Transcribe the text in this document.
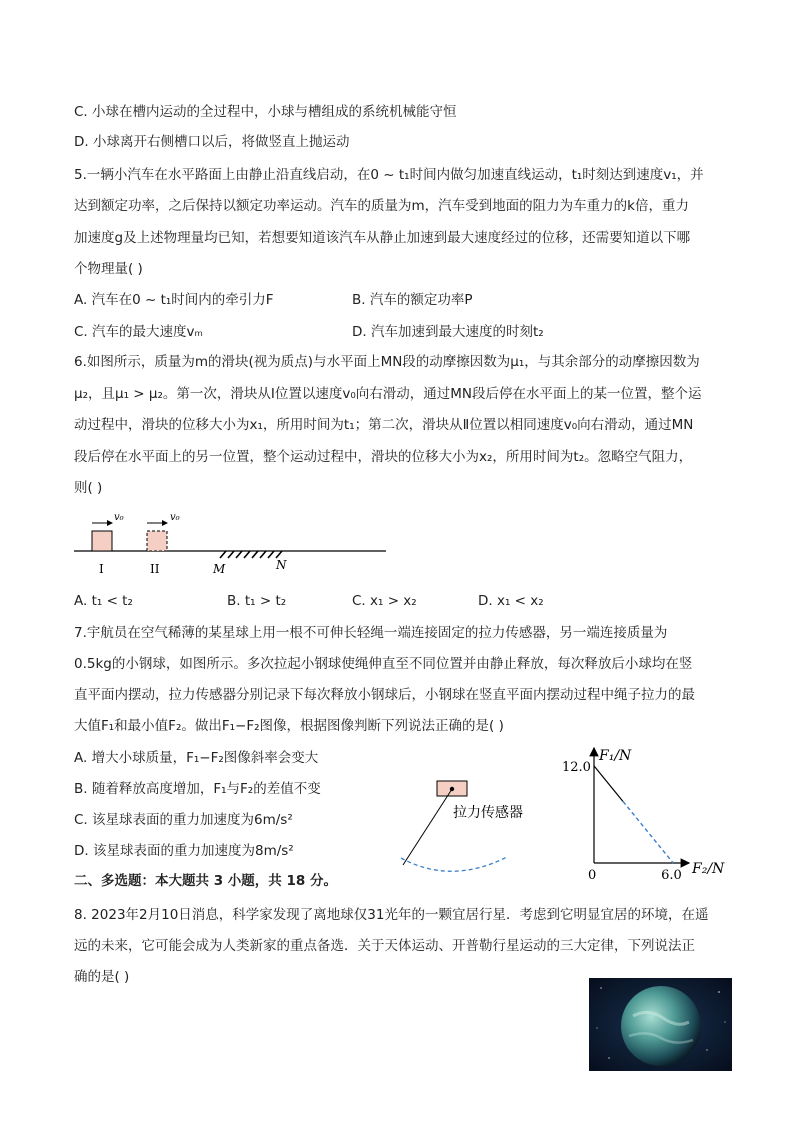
C. 小球在槽内运动的全过程中，小球与槽组成的系统机械能守恒
D. 小球离开右侧槽口以后，将做竖直上抛运动
5.一辆小汽车在水平路面上由静止沿直线启动，在0 ~ t₁时间内做匀加速直线运动，t₁时刻达到速度v₁，并
达到额定功率，之后保持以额定功率运动。汽车的质量为m，汽车受到地面的阻力为车重力的k倍，重力
加速度g及上述物理量均已知，若想要知道该汽车从静止加速到最大速度经过的位移，还需要知道以下哪
个物理量( )
A. 汽车在0 ~ t₁时间内的牵引力F	B. 汽车的额定功率P
C. 汽车的最大速度vₘ	D. 汽车加速到最大速度的时刻t₂
6.如图所示，质量为m的滑块(视为质点)与水平面上MN段的动摩擦因数为μ₁，与其余部分的动摩擦因数为
μ₂，且μ₁ > μ₂。第一次，滑块从Ⅰ位置以速度v₀向右滑动，通过MN段后停在水平面上的某一位置，整个运
动过程中，滑块的位移大小为x₁，所用时间为t₁；第二次，滑块从Ⅱ位置以相同速度v₀向右滑动，通过MN
段后停在水平面上的另一位置，整个运动过程中，滑块的位移大小为x₂，所用时间为t₂。忽略空气阻力，
则( )
v₀	v₀
I	II	M	N
A. t₁ < t₂	B. t₁ > t₂	C. x₁ > x₂	D. x₁ < x₂
7.宇航员在空气稀薄的某星球上用一根不可伸长轻绳一端连接固定的拉力传感器，另一端连接质量为
0.5kg的小钢球，如图所示。多次拉起小钢球使绳伸直至不同位置并由静止释放，每次释放后小球均在竖
直平面内摆动，拉力传感器分别记录下每次释放小钢球后，小钢球在竖直平面内摆动过程中绳子拉力的最
大值F₁和最小值F₂。做出F₁−F₂图像，根据图像判断下列说法正确的是( )
A. 增大小球质量，F₁−F₂图像斜率会变大
B. 随着释放高度增加，F₁与F₂的差值不变
C. 该星球表面的重力加速度为6m/s²
D. 该星球表面的重力加速度为8m/s²
拉力传感器
12.0
0	6.0
F₁/N
F₂/N
二、多选题：本大题共 3 小题，共 18 分。
8. 2023年2月10日消息，科学家发现了离地球仅31光年的一颗宜居行星．考虑到它明显宜居的环境，在遥
远的未来，它可能会成为人类新家的重点备选．关于天体运动、开普勒行星运动的三大定律，下列说法正
确的是( )
